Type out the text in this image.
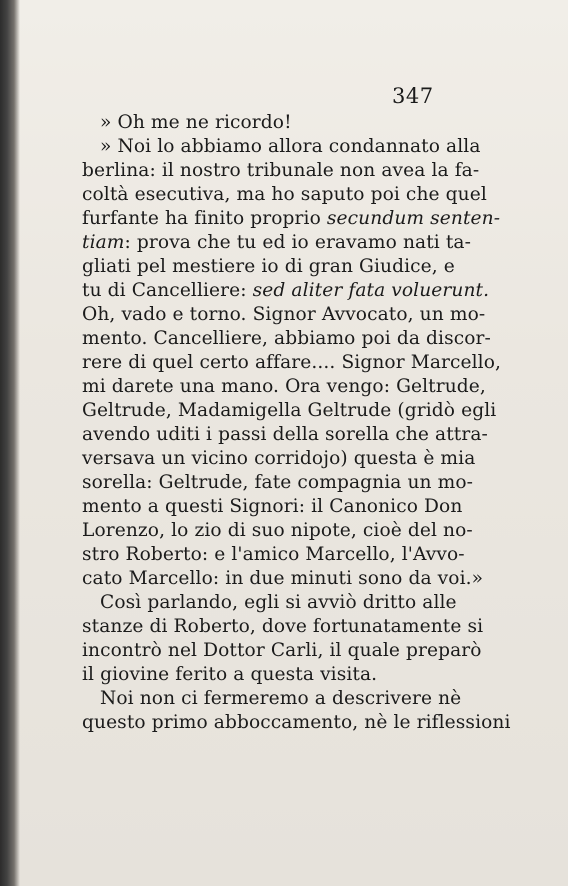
347
» Oh me ne ricordo!
» Noi lo abbiamo allora condannato alla
berlina: il nostro tribunale non avea la fa-
coltà esecutiva, ma ho saputo poi che quel
furfante ha finito proprio secundum senten-
tiam : prova che tu ed io eravamo nati ta-
gliati pel mestiere io di gran Giudice, e
tu di Cancelliere: sed aliter fata voluerunt.
Oh, vado e torno. Signor Avvocato, un mo-
mento. Cancelliere, abbiamo poi da discor-
rere di quel certo affare.... Signor Marcello,
mi darete una mano. Ora vengo: Geltrude,
Geltrude, Madamigella Geltrude (gridò egli
avendo uditi i passi della sorella che attra-
versava un vicino corridojo) questa è mia
sorella: Geltrude, fate compagnia un mo-
mento a questi Signori: il Canonico Don
Lorenzo, lo zio di suo nipote, cioè del no-
stro Roberto: e l'amico Marcello, l'Avvo-
cato Marcello: in due minuti sono da voi.»
Così parlando, egli si avviò dritto alle
stanze di Roberto, dove fortunatamente si
incontrò nel Dottor Carli, il quale preparò
il giovine ferito a questa visita.
Noi non ci fermeremo a descrivere nè
questo primo abboccamento, nè le riflessioni
